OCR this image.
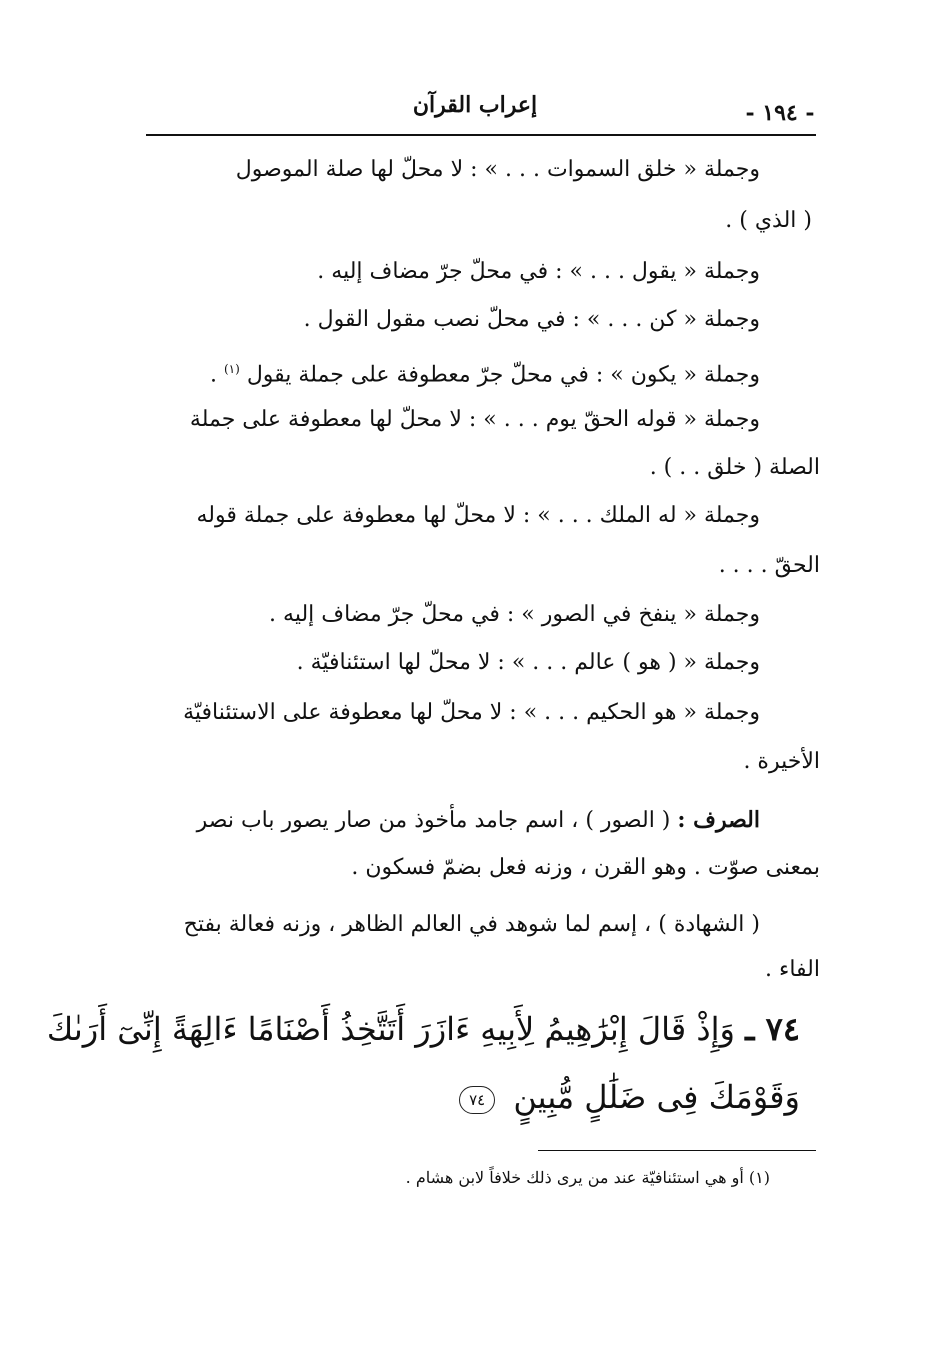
إعراب القرآن	- ١٩٤ -
وجملة « خلق السموات . . . » : لا محلّ لها صلة الموصول
( الذي ) .
وجملة « يقول . . . » : في محلّ جرّ مضاف إليه .
وجملة « كن . . . » : في محلّ نصب مقول القول .
وجملة « يكون » : في محلّ جرّ معطوفة على جملة يقول $^{(١)}$ .
وجملة « قوله الحقّ يوم . . . » : لا محلّ لها معطوفة على جملة
الصلة ( خلق . . ) .
وجملة « له الملك . . . » : لا محلّ لها معطوفة على جملة قوله
الحقّ . . . .
وجملة « ينفخ في الصور » : في محلّ جرّ مضاف إليه .
وجملة « ( هو ) عالم . . . » : لا محلّ لها استئنافيّة .
وجملة « هو الحكيم . . . » : لا محلّ لها معطوفة على الاستئنافيّة
الأخيرة .
الصرف : ( الصور ) ، اسم جامد مأخوذ من صار يصور باب نصر
بمعنى صوّت . وهو القرن ، وزنه فعل بضمّ فسكون .
( الشهادة ) ، إسم لما شوهد في العالم الظاهر ، وزنه فعالة بفتح
الفاء .
٧٤ ـ وَإِذْ قَالَ إِبْرَٰهِيمُ لِأَبِيهِ ءَازَرَ أَتَتَّخِذُ أَصْنَامًا ءَالِهَةً إِنِّىٓ أَرَىٰكَ
وَقَوْمَكَ فِى ضَلَٰلٍ مُّبِينٍ ٧٤
(١) أو هي استئنافيّة عند من يرى ذلك خلافاً لابن هشام .
